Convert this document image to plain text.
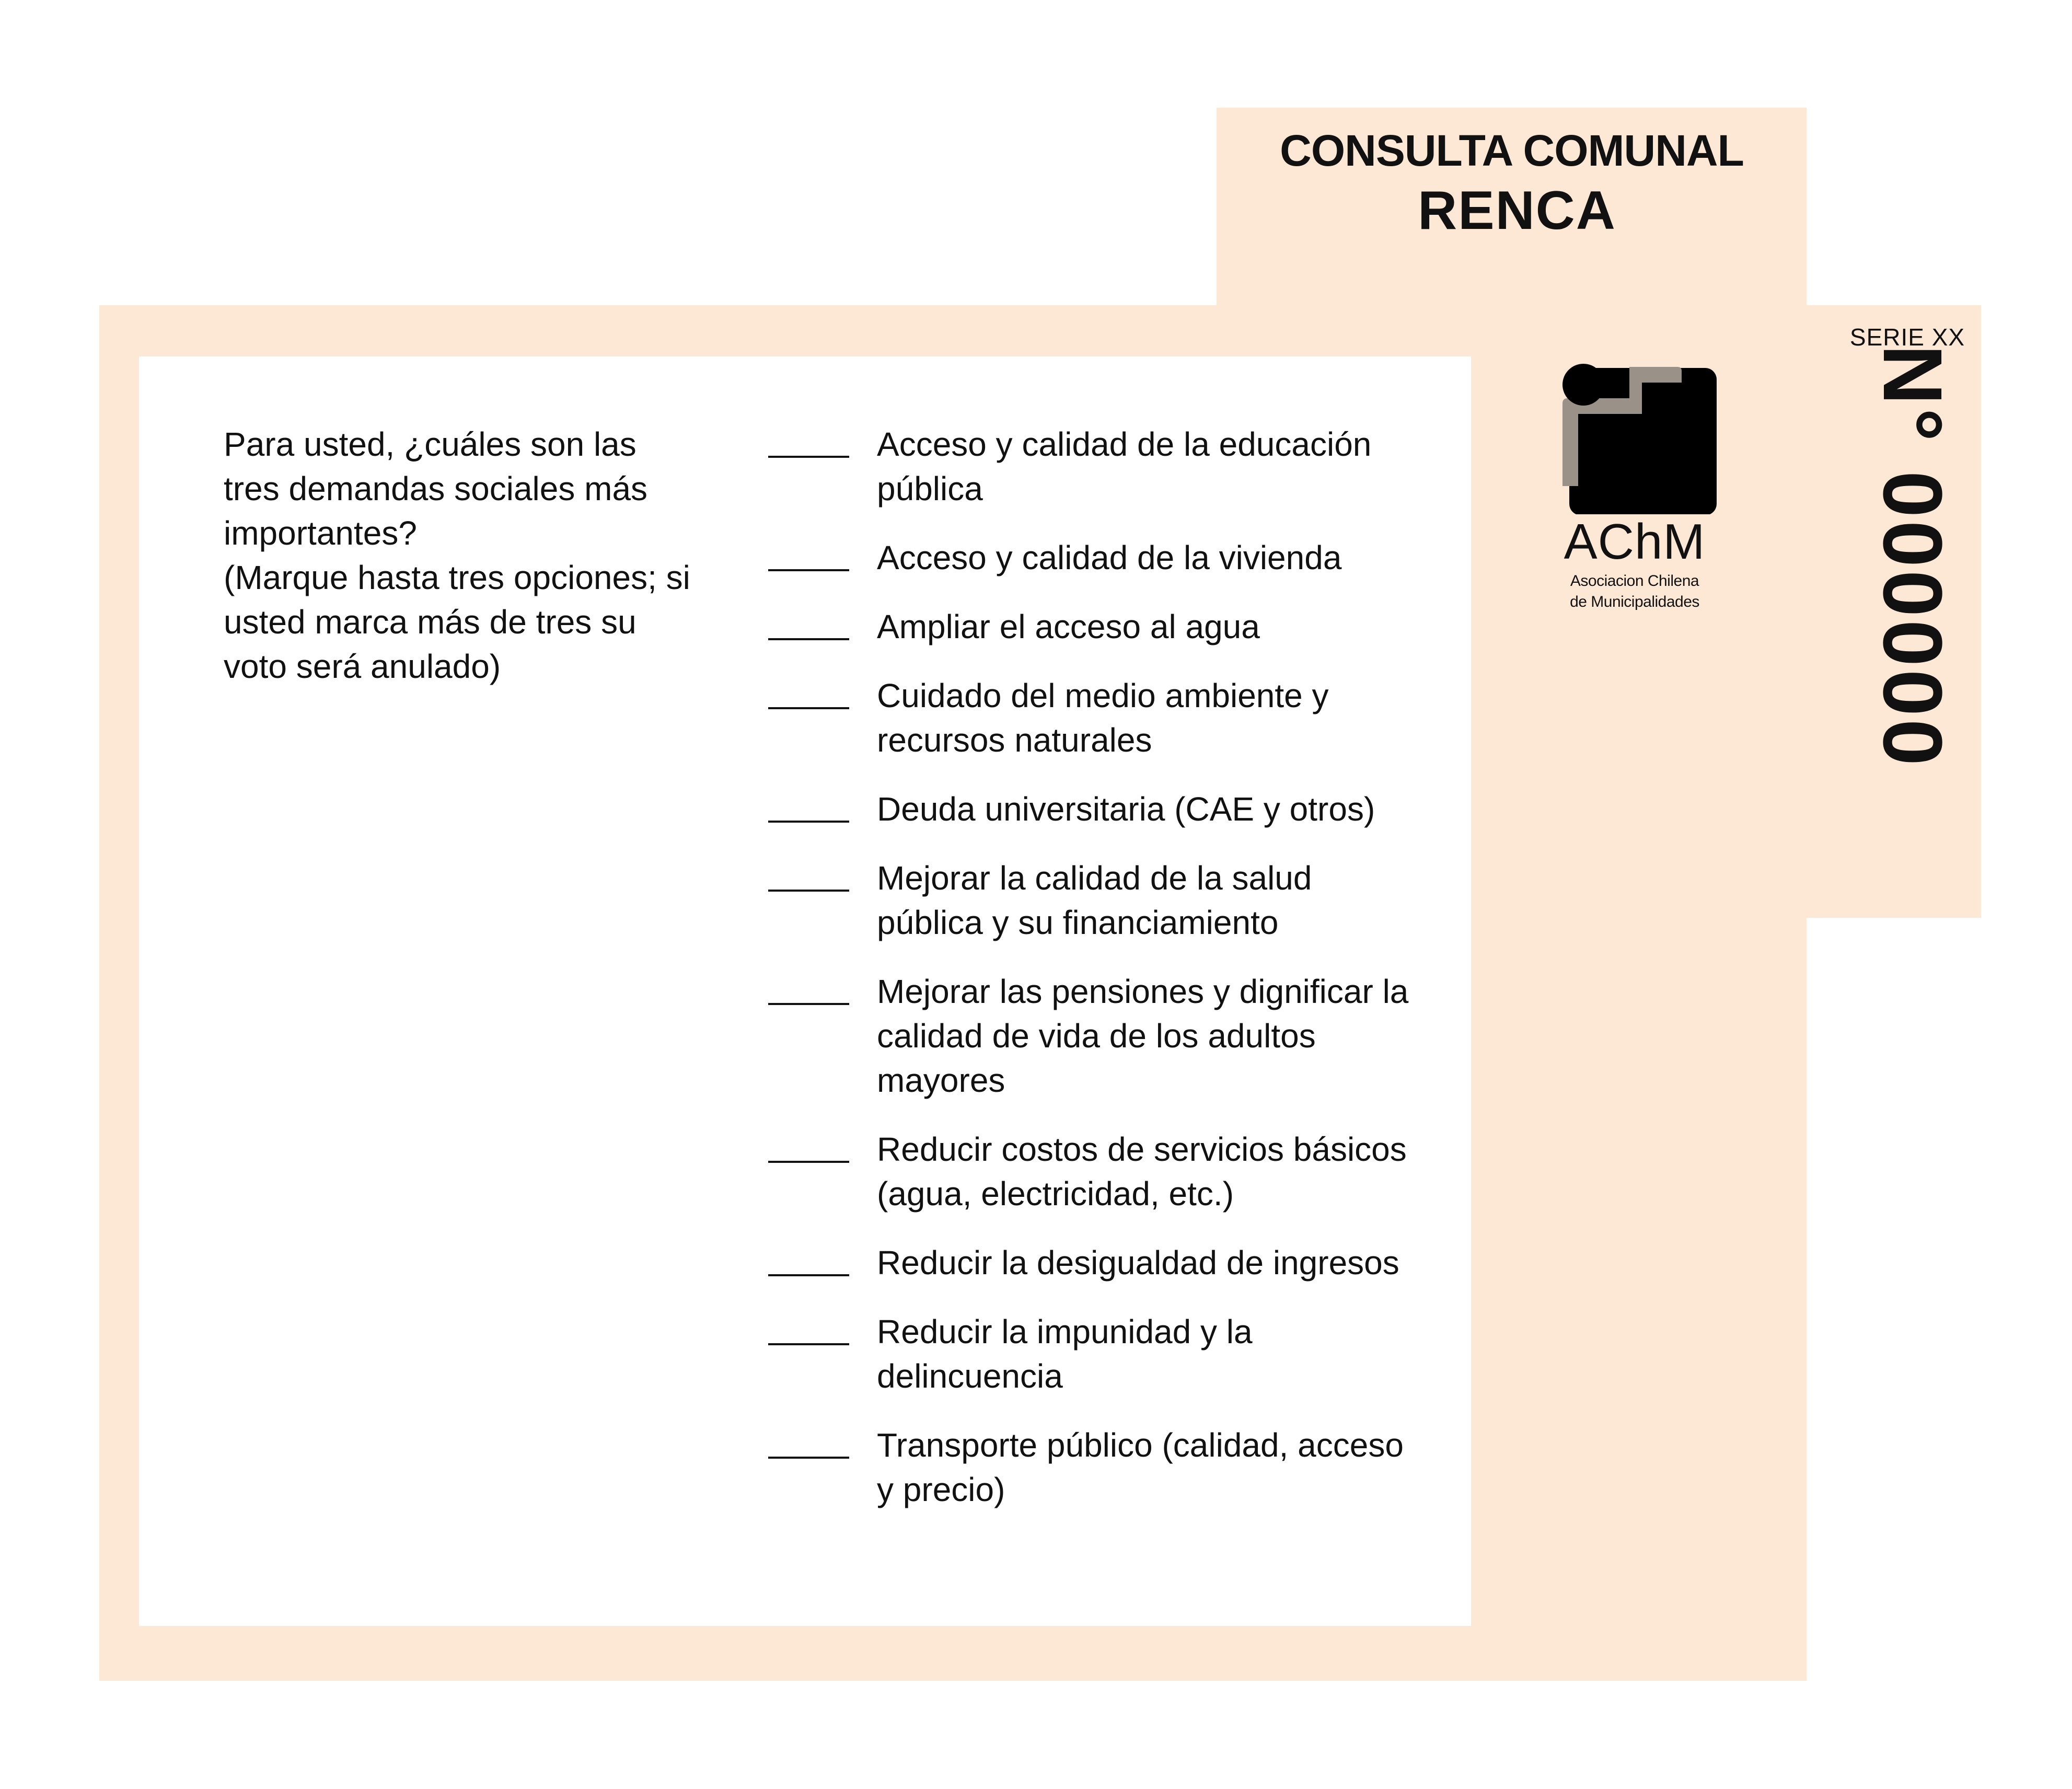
CONSULTA COMUNAL
RENCA
SERIE XX
N° 000000
AChM
Asociacion Chilena
de Municipalidades
Para usted, ¿cuáles son las tres demandas sociales más importantes?
(Marque hasta tres opciones; si usted marca más de tres su voto será anulado)
Acceso y calidad de la educación pública
Acceso y calidad de la vivienda
Ampliar el acceso al agua
Cuidado del medio ambiente y recursos naturales
Deuda universitaria (CAE y otros)
Mejorar la calidad de la salud pública y su financiamiento
Mejorar las pensiones y dignificar la calidad de vida de los adultos mayores
Reducir costos de servicios básicos (agua, electricidad, etc.)
Reducir la desigualdad de ingresos
Reducir la impunidad y la delincuencia
Transporte público (calidad, acceso y precio)
